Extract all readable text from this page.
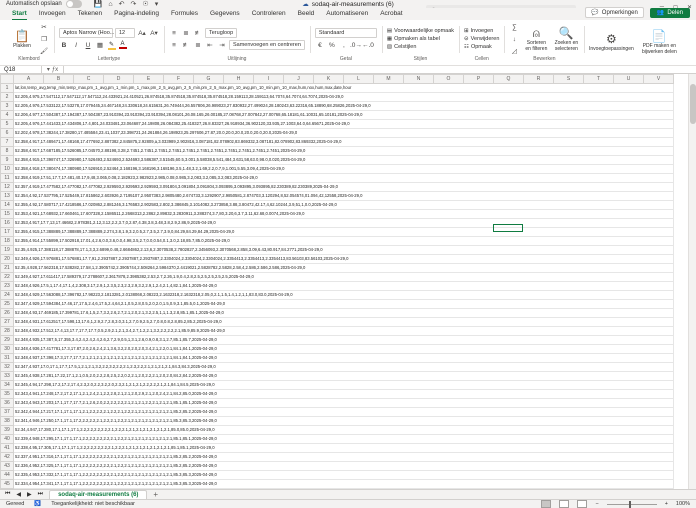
Automatisch opslaan	💾 ⌂ ↶ ↷ ☉ ▾	☁ sodaq-air-measurements (6)
Start	Invoegen	Tekenen	Pagina-indeling	Formules	Gegevens	Controleren	Beeld	Automatiseren	Acrobat	💬 Opmerkingen	👥 Delen
📋
Plakken
✂
❐
🖌
Klembord
Aptos Narrow (Hoo... 12	A▴ A▾
B	I	U	▦ ✎	A
Lettertype
≡	≣ ≢	Terugloop
≡	≢ ≣	⇤	⇥	Samenvoegen en centreren
Uitlijning
Standaard
€	%	, .0→ ←.0
Getal
▤ Voorwaardelijke opmaak
▦ Opmaken als tabel
▧ Celstijlen
Stijlen
⊞ Invoegen
⊝ Verwijderen
☷ Opmaak
Cellen
∑
↓
◿
⍝
Sorteren en filteren
🔍
Zoeken en selecteren
Bewerken
⚙
Invoegtoepassingen
📄
PDF maken en bijwerken delen
Q18	▾ ƒx
	A	B	C	D	E	F	G	H	I	J	K	L	M	N	O	P	Q	R	S	T	U	V
1	lat,lon,temp_avg,temp_min,temp_max,pm_1_avg,pm_1_min,pm_1_max,pm_2_5_avg,pm_2_5_min,pm_2_5_max,pm_10_avg,pm_10_min,pm_10_max,hum,nox,hum,max,date,hour																					
2	52.205,4.975,17.547112,17.547112,17.547112,24.433921,24.410521,26.874518,35.874518,35.874518,35.874518,28.159113,28.159113,64.7074,64.7074,64.7074,2025-04-29,0																					
3	52.205,4.976,17.533122,17.53278,17.079445,24.467148,24.330618,24.615631,26.749444,26.557806,26.989023,27.830932,27.499024,28.180243,63.22316,65.18890,68.25826,2025-04-29,0																					
4	52.206,4.977,17.504387,17.194387,17.504387,23.910394,23.910394,23.910394,28.08101,26.08.165,26.00185,27.08768,27.007842,27.00768,65.18181,61.10031,65.10181,2025-04-29,0																					
5	52.205,4.976,17.441433,17.434806,17.4,801,24.033481,23.064687,24.19808,26.084382,25.418327,26.8.83327,26.918934,36.902120,33.935,27.1003,64.0,64.65671,2025-04-29,0																					
6	52.202,4.978,17.38244,17.38280,17.485584,23.41,1037,23.398721,24.261884,26.198923,25.297606,27.87,20.0,20.0,20.0,20.0,20.0,20.0,2025-04-29,0																					
7	52.358,4.917,17.489471,17.48168,17.477692,2.887382,2.845875,2.92809,a,3.033989,2.902816,3.087181,82.078902,83.869332,3.087181,82.078902,83.869332,2025-04-29,0																					
8	52.358,4.917,17.687185,17.526085,17.04570,2.88198,3.28,2.7451,2.7451,2.7451,2.7451,2.7451,2.7451,2.7451,2.7451,2.7451,2.7451,2.7451,2025-04-29,0																					
9	52.358,4.915,17.398747,17.326980,17.526493,2.524693,2.524693,3.586387,3.51545,60.5,3.001,5.58038,5.541,484,3.631,58,63.0,98.0,0.020,2025-04-29,0																					
10	52.358,4.918,17.380474,17.380980,17.526910,2.52464,3.168196,3.168196,3.168196,3.5,1.48,3.2,1.69,2.2,0.7,9,1.001,5.55,3.09,4,2025-04-29,0																					
11	52.358,4.919,17.51,17.7,17.481,40.17,9,48,3.065,0.08,2.182923,2.982923,2.985,0.08,0.985,3.2,083,3.2,085,3.2,083,2025-04-29,0																					
12	52.357,4.919,17.477582,17.477082,17.477082,2.929593,2.929593,2.929593,3.091804,3.091804,3.091804,3.093895,3.093895,3.093895,82.230389,82.230389,2025-04-29,0																					
13	52.354,4.92,17.537795,17.525449,17.815862,2.603926,2.7195107,2.9507383,2.9805480,2.674733,3.1292907,2.9850581,2.874703,3.120294,8,52.054574,01.094,42,12558,2025-04-29,0																					
14	52.355,4.92,17.580717,17.4218586,17.020862,2.881246,3.176583,2.902583,2.802,3.386845,3.1014082,3.273858,3.88,3.80472,42.17,4,62.10244,3.9,51,1,0.0,2025-04-29,0																					
15	52.353,4.921,17.68932,17.660461,17.607328,2.1586511,2.2668313,2.2862,2.89832,3.2830911,3.288374,3.7,80,3.20,6,3.7,3.11,62.68,0.0074,2025-04-29,0																					
16	52.353,4.917,17.7,13,17.46682,2.978381,2.12,3.12,2.2,3.7,0,2.87,4.38,3.8,3.48,3.8,2.9,2.86,9,2025-04-29,0																					
17	52.355,4.915,17.388889,17.388889,17.388889,2.274,3.8,1.9,3.2,0.5,2.7,3.5,2.7,3.9,0,84.29,84.29,84.29,2025-04-29,0																					
18	52.355,4.914,17.55899,17.502918,17.01,4,2.6,0.0,3.6,0.0,4.98,3.5,2.7,0.0,0.54,0.1,3.0,2.18,85.7,85.0,2025-04-29,0																					
19	52.35,4.925,17.388118,17.388878,17.1,3,3,2.6899,0.48,2.6684862,2.13,6,2.3070538,2.7802827,2.3456093,2.3070568,2.858,3.09,6.43,80.917,84.2771,2025-04-29,0																					
20	52.349,4.926,17.976881,17.576881,17.7,91,2.2937887,2.2937887,2.2937887,2.3304024,2.3304024,2.3304024,2.3354413,2.3354413,2.3354413,83.56103,83.56103,2025-04-29,0																					
21	52.35,4.928,17.562318,17.538282,17.58,1,2.3905742,2.3905744,2.508264,2.5984370,2.4419021,2.5828782,2.5828,2.58,4,2.586,2.586,2.586,2025-04-29,0																					
22	52.349,4.927,17.611417,17.589379,17.2788607,2.3617878,2.3985382,2.53,2.7,2.26,1.9,0.4,2.8,2.5,2.5,2.5,2.5,2.5,2025-04-29,0																					
23	52.348,4.926,17.5,1,17.4,17.1,4,2.308,3.17,2.9,1,2.3,5,2.3,2.3,2.9,3.2,2.9,1,2.4,2.1,4,82.1,84.1,2025-04-29,0																					
24	52.348,4.929,17.563088,17.396782,17.98223,2.1813281,2.0138068,2.08223,2.1632318,2.1632318,2.05,0,2.1,1.5,1.4,1.2,1,1,83.0,83.0,2025-04-29,0																					
25	52.347,4.929,17.594384,17.46,17,17.5,2.4,6,17.5,2.4,64,2.1,0.5,2.8,0.5,2.0,2.0,1.5,0.9,3.1,85.5,0.1,2025-04-29,0																					
26	52.348,4.93,17.469185,17.399781,17.6,1,5,2.7,3.2,2.6,2.7,2.1,2.0,2.1,3.2,2.5,1,1,1.3,2.8,85.1,85.1,2025-04-29,0																					
27	52.348,4.931,17.612517,17.598,13,17.6,1,2.9,2.7,2.8,3.0,3.1,2.7,0.9,2.5,2.7,0.8,0.8,2.8,85.2,85.2,2025-04-29,0																					
28	52.348,4.932,17.512,17.4,13,17.7,17.7,17.7,0.5,2.9,2.1,2.1,3.4,2.7,1.2,2.1,3.2,2.2,2.2,2.1,85.9,85.9,2025-04-29,0																					
29	52.348,4.935,17.387,5,17.355,3.4,2.4,2.4,2.4,2.6,2.7,2.9,0.5,1,3.1,2.6,0.9,0.8,3.1,2.7,85.1,85.7,2025-04-29,0																					
30	52.348,4.936,17.417781,17.3,17.87,2.0,2.6,2.4,2.1,3.6,3.2,2.0,2.0,2.0,3.4,2.1,2.2,0.1,84.1,84.1,2025-04-29,0																					
31	52.348,4.937,17.398,17.3,17.7,17.7,2.1,2.1,2.1,2.1,2.1,2.1,2.1,2.1,2.1,2.1,2.1,2.1,2.1,84.1,84.1,2025-04-29,0																					
32	52.347,4.937,17.0,17.1,17.7,17.5,1,2.1,2.1,3.2,2.2,3.2,2.2,2.1,2.3,2.2,2.1,2.1,2.1,2.1,84.3,84.3,2025-04-29,0																					
33	52.345,4.938,17.281,17.22,17.1,2.1,0.5,2.0,2.2,2.8,2.5,2.2,0.2,2.1,2.0,2.2,2.1,2.0,2.0,84.2,84.2,2025-04-29,0																					
34	52.345,4.94,17.298,17.2,17.2,17.4,2.3,2.0,2.2,3.2,2.0,2.3,2.1,2.1,2.1,2.2,2.2,2.1,2.1,84.1,84.5,2025-04-29,0																					
35	52.343,4.941,17.248,17.2,17.2,17.1,2.1,2.4,2.1,2.2,2.8,2.1,2.1,2.0,2.9,2.1,2.0,2.4,2.1,84.2,85.0,2025-04-29,0																					
36	52.343,4.943,17.203,17.1,17.7,17.7,2.1,2.6,2.0,2.2,2.2,2.2,2.1,2.1,2.1,2.2,2.1,2.1,2.1,85.1,85.1,2025-04-29,0																					
37	52.342,4.944,17.217,17.1,17.1,17.1,2.1,2.2,2.2,2.1,2.2,2.1,2.2,2.1,2.1,2.1,2.1,2.1,2.1,85.2,85.2,2025-04-29,0																					
38	52.341,4.946,17.250,17.1,17.1,17.2,2.2,2.2,2.1,2.2,2.1,2.2,2.1,2.1,2.1,2.1,2.1,2.1,2.1,85.3,85.3,2025-04-29,0																					
39	52.34,4.947,17.280,17.1,17.1,17.1,2.2,2.2,2.2,2.2,2.1,2.2,2.1,2.1,2.1,2.1,2.1,2.1,2.1,85.0,85.0,2025-04-29,0																					
40	52.339,4.948,17.295,17.1,17.1,17.1,2.2,2.2,2.2,2.2,2.1,2.2,2.1,2.1,2.1,2.1,2.1,2.1,2.1,85.1,85.1,2025-04-29,0																					
41	52.338,4.95,17.305,17.1,17.1,17.1,2.2,2.2,2.2,2.2,2.1,2.2,2.1,2.1,2.1,2.1,2.1,2.1,2.1,85.1,85.1,2025-04-29,0																					
42	52.337,4.951,17.316,17.1,17.1,17.1,2.2,2.2,2.2,2.2,2.1,2.2,2.1,2.1,2.1,2.1,2.1,2.1,2.1,85.2,85.2,2025-04-29,0																					
43	52.336,4.952,17.325,17.1,17.1,17.1,2.2,2.2,2.2,2.2,2.1,2.2,2.1,2.1,2.1,2.1,2.1,2.1,2.1,85.2,85.2,2025-04-29,0																					
44	52.335,4.953,17.332,17.1,17.1,17.1,2.2,2.2,2.2,2.2,2.1,2.2,2.1,2.1,2.1,2.1,2.1,2.1,2.1,85.3,85.3,2025-04-29,0																					
45	52.334,4.954,17.341,17.1,17.1,17.1,2.2,2.2,2.2,2.2,2.1,2.2,2.1,2.1,2.1,2.1,2.1,2.1,2.1,85.3,85.3,2025-04-29,0																					
⏮ ◀ ▶ ⏭	sodaq-air-measurements (6)	+
Gereed ♿ Toegankelijkheid: niet beschikbaar	−	+ 100%
